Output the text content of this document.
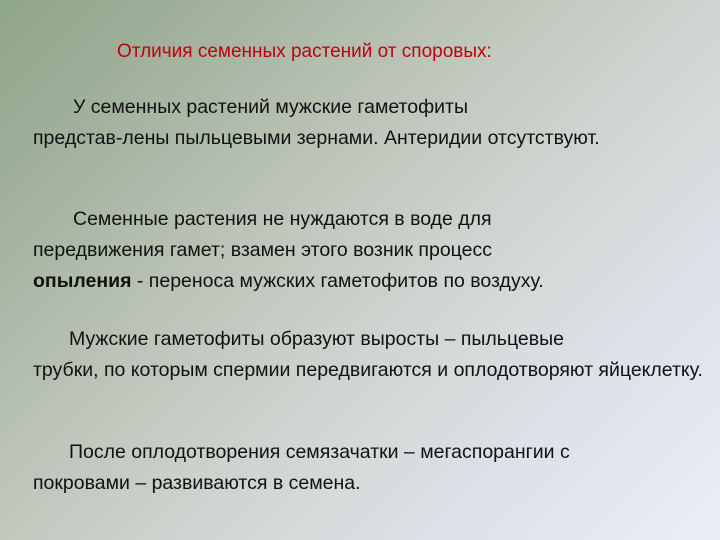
Отличия семенных растений от споровых:

У семенных растений мужские гаметофиты
представ-лены пыльцевыми зернами. Антеридии отсутствуют.

Семенные растения не нуждаются в воде для
передвижения гамет; взамен этого возник процесс
опыления - переноса мужских гаметофитов по воздуху.

Мужские гаметофиты образуют выросты – пыльцевые
трубки, по которым спермии передвигаются и оплодотворяют яйцеклетку.

После оплодотворения семязачатки – мегаспорангии с
покровами – развиваются в семена.
